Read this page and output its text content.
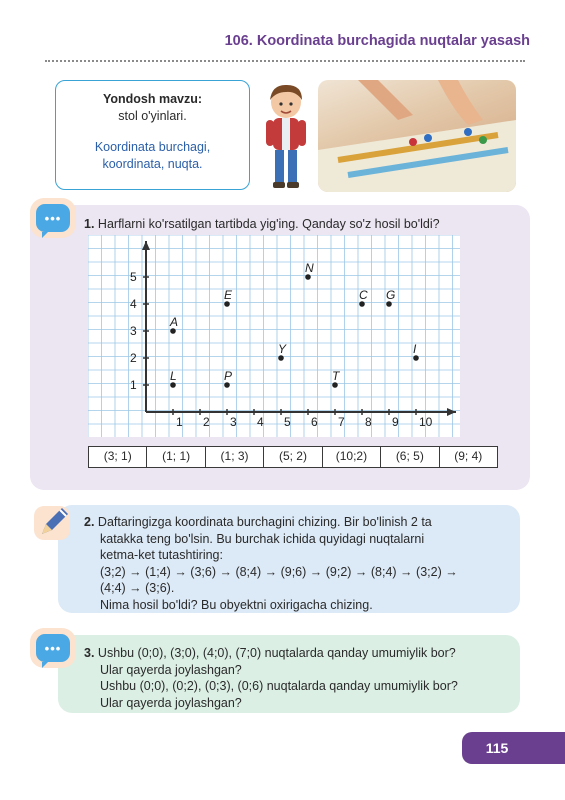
106. Koordinata burchagida nuqtalar yasash
Yondosh mavzu:
stol o'yinlari.
Koordinata burchagi,
koordinata, nuqta.
•••	1. Harflarni ko'rsatilgan tartibda yig'ing. Qanday so'z hosil bo'ldi?
1 2 3 4 5 6 7 8 9 10
1
2
3
4
5
A
L
E
P
Y
N
T
C G
I
(3; 1)	(1; 1)	(1; 3)	(5; 2)	(10;2)	(6; 5)	(9; 4)
2. Daftaringizga koordinata burchagini chizing. Bir bo'linish 2 ta
katakka teng bo'lsin. Bu burchak ichida quyidagi nuqtalarni
ketma-ket tutashtiring:
(3;2) → (1;4) → (3;6) → (8;4) → (9;6) → (9;2) → (8;4) → (3;2) →
(4;4) → (3;6).
Nima hosil bo'ldi? Bu obyektni oxirigacha chizing.
•••	3. Ushbu (0;0), (3;0), (4;0), (7;0) nuqtalarda qanday umumiylik bor?
Ular qayerda joylashgan?
Ushbu (0;0), (0;2), (0;3), (0;6) nuqtalarda qanday umumiylik bor?
Ular qayerda joylashgan?
115
